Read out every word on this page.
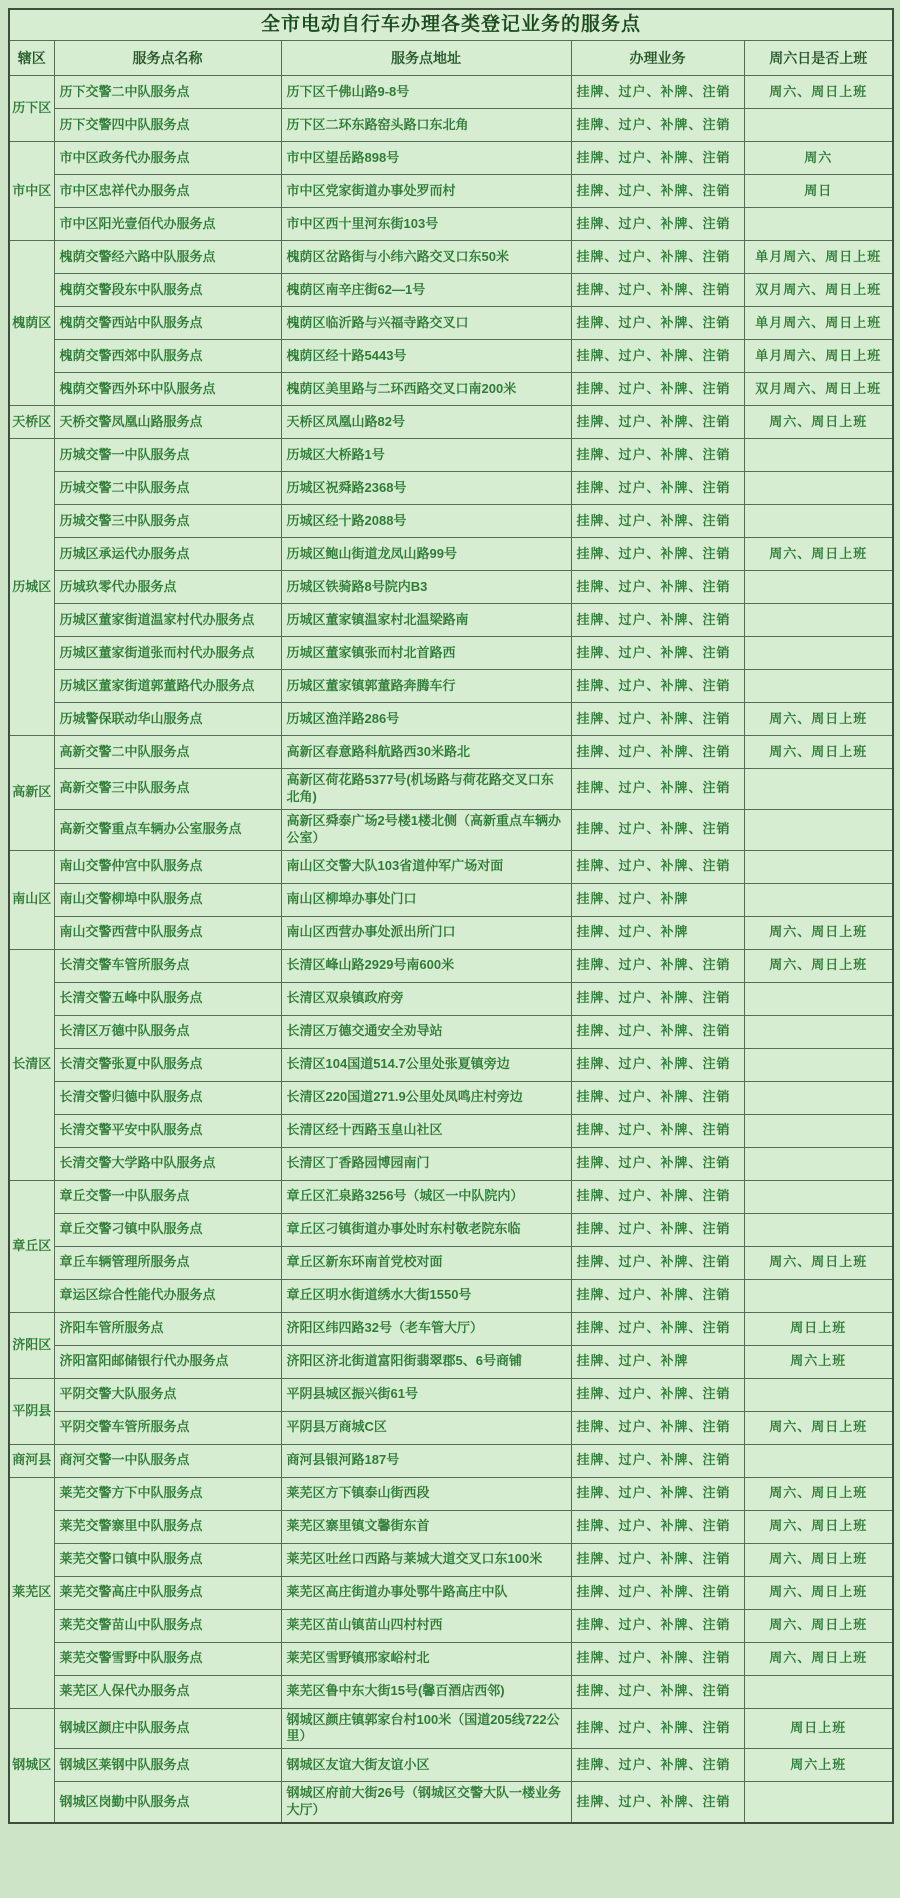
全市电动自行车办理各类登记业务的服务点				
辖区	服务点名称	服务点地址	办理业务	周六日是否上班
历下区	历下交警二中队服务点	历下区千佛山路9-8号	挂牌、过户、补牌、注销	周六、周日上班
	历下交警四中队服务点	历下区二环东路窑头路口东北角	挂牌、过户、补牌、注销	
市中区	市中区政务代办服务点	市中区望岳路898号	挂牌、过户、补牌、注销	周六
	市中区忠祥代办服务点	市中区党家街道办事处罗而村	挂牌、过户、补牌、注销	周日
	市中区阳光壹佰代办服务点	市中区西十里河东街103号	挂牌、过户、补牌、注销	
槐荫区	槐荫交警经六路中队服务点	槐荫区岔路街与小纬六路交叉口东50米	挂牌、过户、补牌、注销	单月周六、周日上班
	槐荫交警段东中队服务点	槐荫区南辛庄街62—1号	挂牌、过户、补牌、注销	双月周六、周日上班
	槐荫交警西站中队服务点	槐荫区临沂路与兴福寺路交叉口	挂牌、过户、补牌、注销	单月周六、周日上班
	槐荫交警西郊中队服务点	槐荫区经十路5443号	挂牌、过户、补牌、注销	单月周六、周日上班
	槐荫交警西外环中队服务点	槐荫区美里路与二环西路交叉口南200米	挂牌、过户、补牌、注销	双月周六、周日上班
天桥区	天桥交警凤凰山路服务点	天桥区凤凰山路82号	挂牌、过户、补牌、注销	周六、周日上班
历城区	历城交警一中队服务点	历城区大桥路1号	挂牌、过户、补牌、注销	
	历城交警二中队服务点	历城区祝舜路2368号	挂牌、过户、补牌、注销	
	历城交警三中队服务点	历城区经十路2088号	挂牌、过户、补牌、注销	
	历城区承运代办服务点	历城区鲍山街道龙凤山路99号	挂牌、过户、补牌、注销	周六、周日上班
	历城玖零代办服务点	历城区铁骑路8号院内B3	挂牌、过户、补牌、注销	
	历城区董家街道温家村代办服务点	历城区董家镇温家村北温梁路南	挂牌、过户、补牌、注销	
	历城区董家街道张而村代办服务点	历城区董家镇张而村北首路西	挂牌、过户、补牌、注销	
	历城区董家街道郭董路代办服务点	历城区董家镇郭董路奔腾车行	挂牌、过户、补牌、注销	
	历城警保联动华山服务点	历城区渔洋路286号	挂牌、过户、补牌、注销	周六、周日上班
高新区	高新交警二中队服务点	高新区春意路科航路西30米路北	挂牌、过户、补牌、注销	周六、周日上班
	高新交警三中队服务点	高新区荷花路5377号(机场路与荷花路交叉口东北角)	挂牌、过户、补牌、注销	
	高新交警重点车辆办公室服务点	高新区舜泰广场2号楼1楼北侧（高新重点车辆办公室）	挂牌、过户、补牌、注销	
南山区	南山交警仲宫中队服务点	南山区交警大队103省道仲军广场对面	挂牌、过户、补牌、注销	
	南山交警柳埠中队服务点	南山区柳埠办事处门口	挂牌、过户、补牌	
	南山交警西营中队服务点	南山区西营办事处派出所门口	挂牌、过户、补牌	周六、周日上班
长清区	长清交警车管所服务点	长清区峰山路2929号南600米	挂牌、过户、补牌、注销	周六、周日上班
	长清交警五峰中队服务点	长清区双泉镇政府旁	挂牌、过户、补牌、注销	
	长清区万德中队服务点	长清区万德交通安全劝导站	挂牌、过户、补牌、注销	
	长清交警张夏中队服务点	长清区104国道514.7公里处张夏镇旁边	挂牌、过户、补牌、注销	
	长清交警归德中队服务点	长清区220国道271.9公里处凤鸣庄村旁边	挂牌、过户、补牌、注销	
	长清交警平安中队服务点	长清区经十西路玉皇山社区	挂牌、过户、补牌、注销	
	长清交警大学路中队服务点	长清区丁香路园博园南门	挂牌、过户、补牌、注销	
章丘区	章丘交警一中队服务点	章丘区汇泉路3256号（城区一中队院内）	挂牌、过户、补牌、注销	
	章丘交警刁镇中队服务点	章丘区刁镇街道办事处时东村敬老院东临	挂牌、过户、补牌、注销	
	章丘车辆管理所服务点	章丘区新东环南首党校对面	挂牌、过户、补牌、注销	周六、周日上班
	章运区综合性能代办服务点	章丘区明水街道绣水大街1550号	挂牌、过户、补牌、注销	
济阳区	济阳车管所服务点	济阳区纬四路32号（老车管大厅）	挂牌、过户、补牌、注销	周日上班
	济阳富阳邮储银行代办服务点	济阳区济北街道富阳街翡翠郡5、6号商铺	挂牌、过户、补牌	周六上班
平阴县	平阴交警大队服务点	平阴县城区振兴街61号	挂牌、过户、补牌、注销	
	平阴交警车管所服务点	平阴县万商城C区	挂牌、过户、补牌、注销	周六、周日上班
商河县	商河交警一中队服务点	商河县银河路187号	挂牌、过户、补牌、注销	
莱芜区	莱芜交警方下中队服务点	莱芜区方下镇泰山街西段	挂牌、过户、补牌、注销	周六、周日上班
	莱芜交警寨里中队服务点	莱芜区寨里镇文馨街东首	挂牌、过户、补牌、注销	周六、周日上班
	莱芜交警口镇中队服务点	莱芜区吐丝口西路与莱城大道交叉口东100米	挂牌、过户、补牌、注销	周六、周日上班
	莱芜交警高庄中队服务点	莱芜区高庄街道办事处鄂牛路高庄中队	挂牌、过户、补牌、注销	周六、周日上班
	莱芜交警苗山中队服务点	莱芜区苗山镇苗山四村村西	挂牌、过户、补牌、注销	周六、周日上班
	莱芜交警雪野中队服务点	莱芜区雪野镇邢家峪村北	挂牌、过户、补牌、注销	周六、周日上班
	莱芜区人保代办服务点	莱芜区鲁中东大街15号(馨百酒店西邻)	挂牌、过户、补牌、注销	
钢城区	钢城区颜庄中队服务点	钢城区颜庄镇郭家台村100米（国道205线722公里）	挂牌、过户、补牌、注销	周日上班
	钢城区莱钢中队服务点	钢城区友谊大街友谊小区	挂牌、过户、补牌、注销	周六上班
	钢城区岗勤中队服务点	钢城区府前大街26号（钢城区交警大队一楼业务大厅）	挂牌、过户、补牌、注销	
